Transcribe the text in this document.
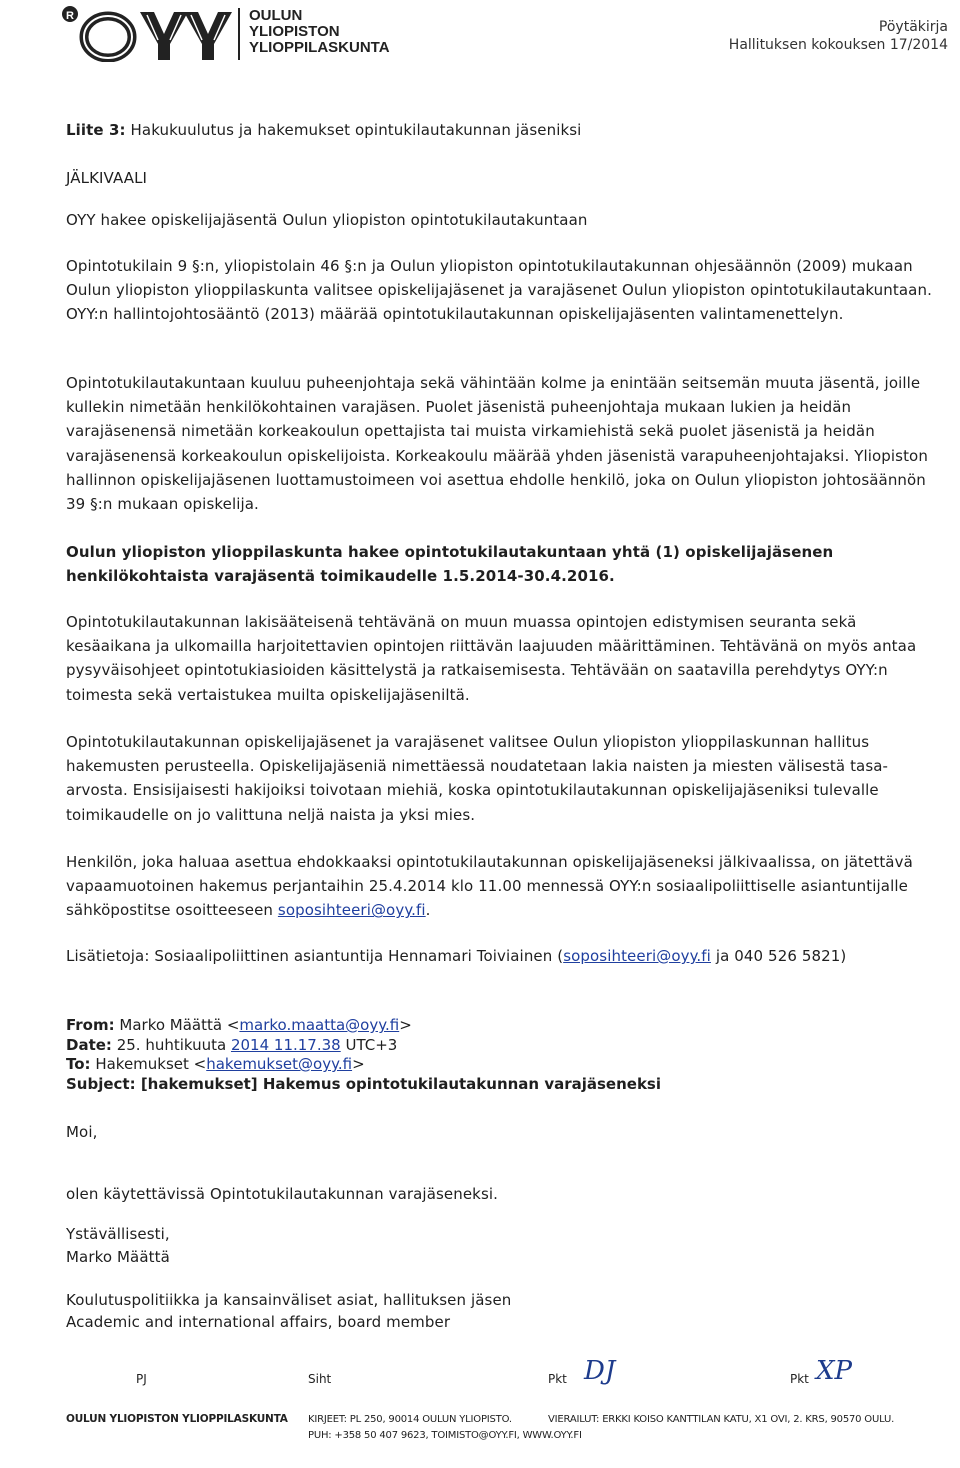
R	OULUN
YLIOPISTON
YLIOPPILASKUNTA
Pöytäkirja
Hallituksen kokouksen 17/2014

Liite 3: Hakukuulutus ja hakemukset opintukilautakunnan jäseniksi

JÄLKIVAALI

OYY hakee opiskelijajäsentä Oulun yliopiston opintotukilautakuntaan

Opintotukilain 9 §:n, yliopistolain 46 §:n ja Oulun yliopiston opintotukilautakunnan ohjesäännön (2009) mukaan Oulun yliopiston ylioppilaskunta valitsee opiskelijajäsenet ja varajäsenet Oulun yliopiston opintotukilautakuntaan. OYY:n hallintojohtosääntö (2013) määrää opintotukilautakunnan opiskelijajäsenten valintamenettelyn.

Opintotukilautakuntaan kuuluu puheenjohtaja sekä vähintään kolme ja enintään seitsemän muuta jäsentä, joille kullekin nimetään henkilökohtainen varajäsen. Puolet jäsenistä puheenjohtaja mukaan lukien ja heidän varajäsenensä nimetään korkeakoulun opettajista tai muista virkamiehistä sekä puolet jäsenistä ja heidän varajäsenensä korkeakoulun opiskelijoista. Korkeakoulu määrää yhden jäsenistä varapuheenjohtajaksi. Yliopiston hallinnon opiskelijajäsenen luottamustoimeen voi asettua ehdolle henkilö, joka on Oulun yliopiston johtosäännön 39 §:n mukaan opiskelija.

Oulun yliopiston ylioppilaskunta hakee opintotukilautakuntaan yhtä (1) opiskelijajäsenen henkilökohtaista varajäsentä toimikaudelle 1.5.2014-30.4.2016.

Opintotukilautakunnan lakisääteisenä tehtävänä on muun muassa opintojen edistymisen seuranta sekä kesäaikana ja ulkomailla harjoitettavien opintojen riittävän laajuuden määrittäminen. Tehtävänä on myös antaa pysyväisohjeet opintotukiasioiden käsittelystä ja ratkaisemisesta. Tehtävään on saatavilla perehdytys OYY:n toimesta sekä vertaistukea muilta opiskelijajäseniltä.

Opintotukilautakunnan opiskelijajäsenet ja varajäsenet valitsee Oulun yliopiston ylioppilaskunnan hallitus hakemusten perusteella. Opiskelijajäseniä nimettäessä noudatetaan lakia naisten ja miesten välisestä tasa-arvosta. Ensisijaisesti hakijoiksi toivotaan miehiä, koska opintotukilautakunnan opiskelijajäseniksi tulevalle toimikaudelle on jo valittuna neljä naista ja yksi mies.

Henkilön, joka haluaa asettua ehdokkaaksi opintotukilautakunnan opiskelijajäseneksi jälkivaalissa, on jätettävä vapaamuotoinen hakemus perjantaihin 25.4.2014 klo 11.00 mennessä OYY:n sosiaalipoliittiselle asiantuntijalle sähköpostitse osoitteeseen soposihteeri@oyy.fi.

Lisätietoja: Sosiaalipoliittinen asiantuntija Hennamari Toiviainen (soposihteeri@oyy.fi ja 040 526 5821)

From: Marko Määttä <marko.maatta@oyy.fi>
Date: 25. huhtikuuta 2014 11.17.38 UTC+3
To: Hakemukset <hakemukset@oyy.fi>
Subject: [hakemukset] Hakemus opintotukilautakunnan varajäseneksi

Moi,

olen käytettävissä Opintotukilautakunnan varajäseneksi.

Ystävällisesti,

Marko Määttä

Koulutuspolitiikka ja kansainväliset asiat, hallituksen jäsen

Academic and international affairs, board member

PJ	Siht	Pkt DJ	Pkt XP
OULUN YLIOPISTON YLIOPPILASKUNTA KIRJEET: PL 250, 90014 OULUN YLIOPISTO.	VIERAILUT: ERKKI KOISO KANTTILAN KATU, X1 OVI, 2. KRS, 90570 OULU.
PUH: +358 50 407 9623, TOIMISTO@OYY.FI, WWW.OYY.FI
